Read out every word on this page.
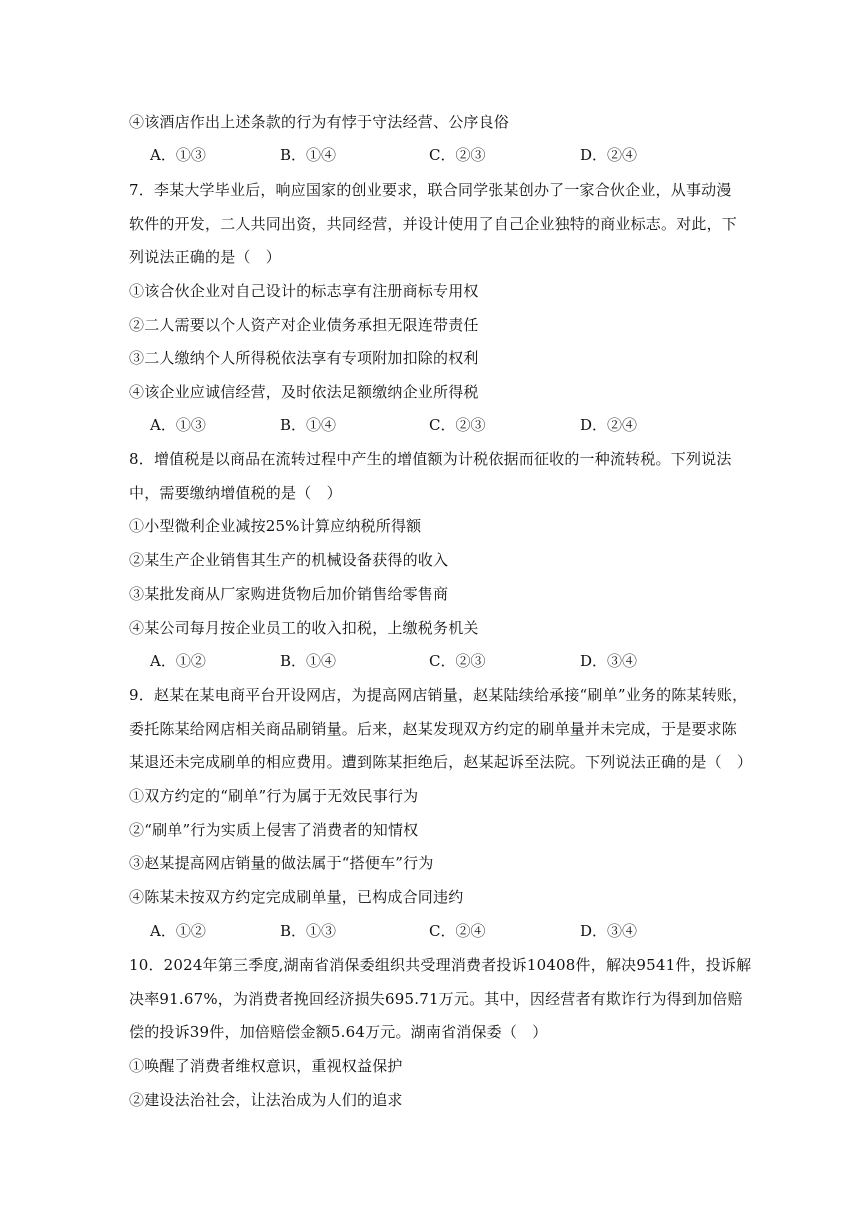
④该酒店作出上述条款的行为有悖于守法经营、公序良俗
A．①③	B．①④	C．②③	D．②④
7．李某大学毕业后，响应国家的创业要求，联合同学张某创办了一家合伙企业，从事动漫
软件的开发，二人共同出资，共同经营，并设计使用了自己企业独特的商业标志。对此，下
列说法正确的是（　）
①该合伙企业对自己设计的标志享有注册商标专用权
②二人需要以个人资产对企业债务承担无限连带责任
③二人缴纳个人所得税依法享有专项附加扣除的权利
④该企业应诚信经营，及时依法足额缴纳企业所得税
A．①③	B．①④	C．②③	D．②④
8．增值税是以商品在流转过程中产生的增值额为计税依据而征收的一种流转税。下列说法
中，需要缴纳增值税的是（　）
①小型微利企业减按25%计算应纳税所得额
②某生产企业销售其生产的机械设备获得的收入
③某批发商从厂家购进货物后加价销售给零售商
④某公司每月按企业员工的收入扣税，上缴税务机关
A．①②	B．①④	C．②③	D．③④
9．赵某在某电商平台开设网店，为提高网店销量，赵某陆续给承接“刷单”业务的陈某转账，
委托陈某给网店相关商品刷销量。后来，赵某发现双方约定的刷单量并未完成，于是要求陈
某退还未完成刷单的相应费用。遭到陈某拒绝后，赵某起诉至法院。下列说法正确的是（　）
①双方约定的“刷单”行为属于无效民事行为
②“刷单”行为实质上侵害了消费者的知情权
③赵某提高网店销量的做法属于“搭便车”行为
④陈某未按双方约定完成刷单量，已构成合同违约
A．①②	B．①③	C．②④	D．③④
10．2024年第三季度,湖南省消保委组织共受理消费者投诉10408件，解决9541件，投诉解
决率91.67%，为消费者挽回经济损失695.71万元。其中，因经营者有欺诈行为得到加倍赔
偿的投诉39件，加倍赔偿金额5.64万元。湖南省消保委（　）
①唤醒了消费者维权意识，重视权益保护
②建设法治社会，让法治成为人们的追求
